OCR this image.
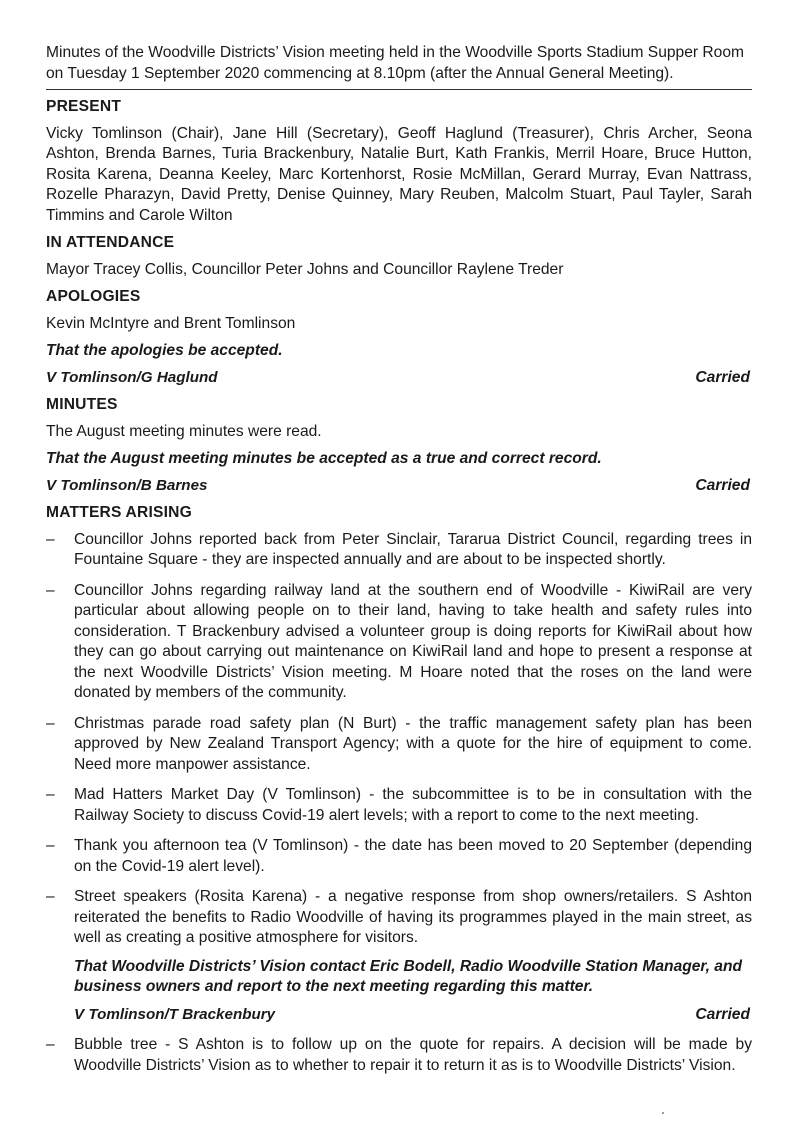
Minutes of the Woodville Districts’ Vision meeting held in the Woodville Sports Stadium Supper Room on Tuesday 1 September 2020 commencing at 8.10pm (after the Annual General Meeting).

PRESENT

Vicky Tomlinson (Chair), Jane Hill (Secretary), Geoff Haglund (Treasurer), Chris Archer, Seona Ashton, Brenda Barnes, Turia Brackenbury, Natalie Burt, Kath Frankis, Merril Hoare, Bruce Hutton, Rosita Karena, Deanna Keeley, Marc Kortenhorst, Rosie McMillan, Gerard Murray, Evan Nattrass, Rozelle Pharazyn, David Pretty, Denise Quinney, Mary Reuben, Malcolm Stuart, Paul Tayler, Sarah Timmins and Carole Wilton

IN ATTENDANCE

Mayor Tracey Collis, Councillor Peter Johns and Councillor Raylene Treder

APOLOGIES

Kevin McIntyre and Brent Tomlinson

That the apologies be accepted.

V Tomlinson/G Haglund	Carried

MINUTES

The August meeting minutes were read.

That the August meeting minutes be accepted as a true and correct record.

V Tomlinson/B Barnes	Carried

MATTERS ARISING

–	Councillor Johns reported back from Peter Sinclair, Tararua District Council, regarding trees in Fountaine Square - they are inspected annually and are about to be inspected shortly.
–	Councillor Johns regarding railway land at the southern end of Woodville - KiwiRail are very particular about allowing people on to their land, having to take health and safety rules into consideration. T Brackenbury advised a volunteer group is doing reports for KiwiRail about how they can go about carrying out maintenance on KiwiRail land and hope to present a response at the next Woodville Districts’ Vision meeting. M Hoare noted that the roses on the land were donated by members of the community.
–	Christmas parade road safety plan (N Burt) - the traffic management safety plan has been approved by New Zealand Transport Agency; with a quote for the hire of equipment to come. Need more manpower assistance.
–	Mad Hatters Market Day (V Tomlinson) - the subcommittee is to be in consultation with the Railway Society to discuss Covid-19 alert levels; with a report to come to the next meeting.
–	Thank you afternoon tea (V Tomlinson) - the date has been moved to 20 September (depending on the Covid-19 alert level).
–	Street speakers (Rosita Karena) - a negative response from shop owners/retailers. S Ashton reiterated the benefits to Radio Woodville of having its programmes played in the main street, as well as creating a positive atmosphere for visitors.

That Woodville Districts’ Vision contact Eric Bodell, Radio Woodville Station Manager, and business owners and report to the next meeting regarding this matter.

V Tomlinson/T Brackenbury	Carried
–	Bubble tree - S Ashton is to follow up on the quote for repairs. A decision will be made by Woodville Districts’ Vision as to whether to repair it to return it as is to Woodville Districts’ Vision.
